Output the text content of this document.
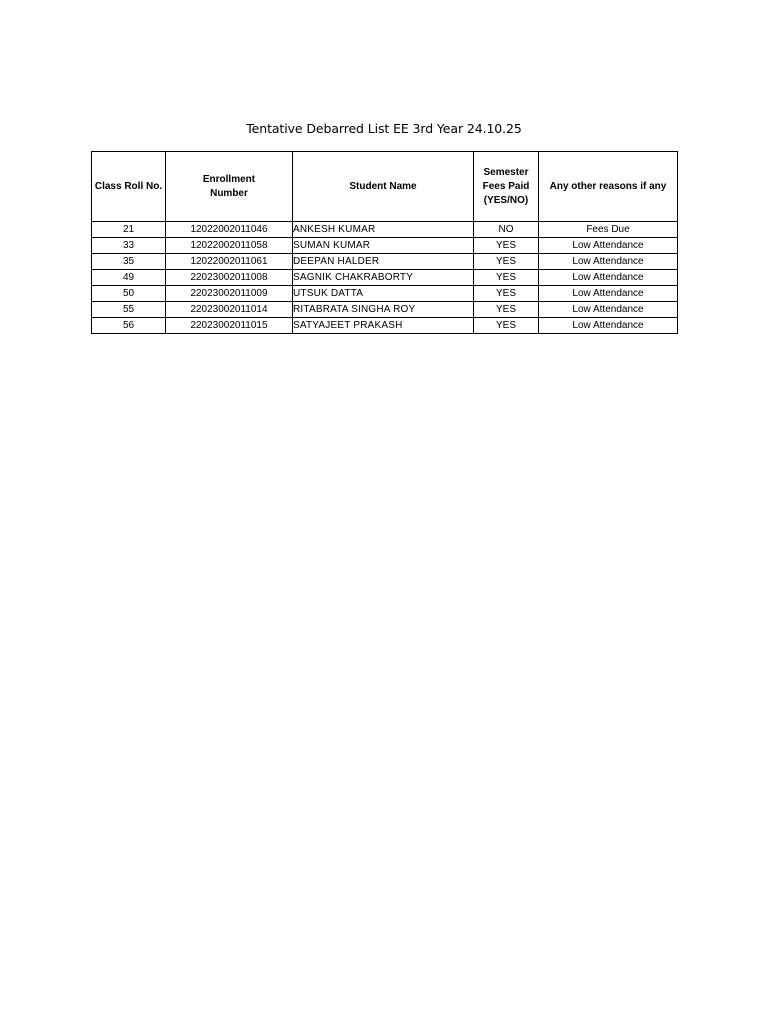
Tentative Debarred List EE 3rd Year 24.10.25
Class Roll No.	Enrollment Number	Student Name	Semester Fees Paid (YES/NO)	Any other reasons if any
21	12022002011046	ANKESH KUMAR	NO	Fees Due
33	12022002011058	SUMAN KUMAR	YES	Low Attendance
35	12022002011061	DEEPAN HALDER	YES	Low Attendance
49	22023002011008	SAGNIK CHAKRABORTY	YES	Low Attendance
50	22023002011009	UTSUK DATTA	YES	Low Attendance
55	22023002011014	RITABRATA SINGHA ROY	YES	Low Attendance
56	22023002011015	SATYAJEET PRAKASH	YES	Low Attendance
